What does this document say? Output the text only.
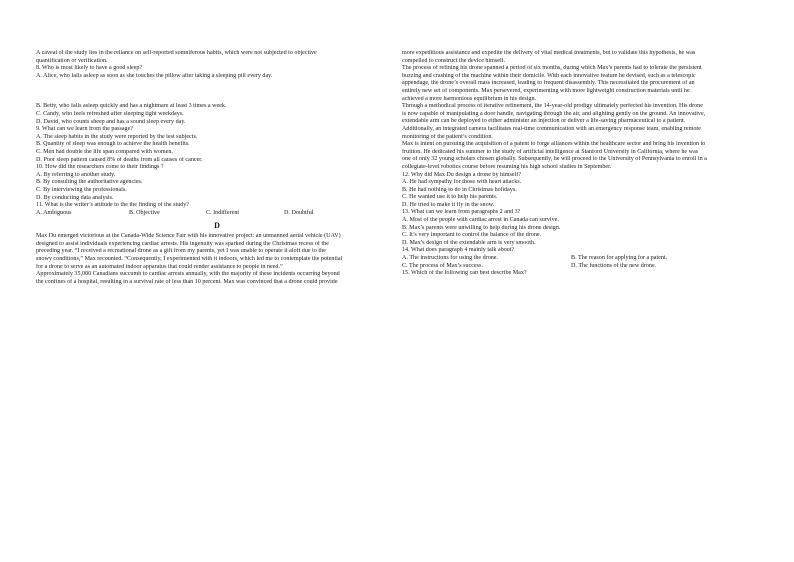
A caveat of the study lies in the reliance on self-reported somniferous habits, which were not subjected to objective

quantification or verification.

8. Who is most likely to have a good sleep?

A. Alice, who falls asleep as soon as she touches the pillow after taking a sleeping pill every day.

B. Betty, who falls asleep quickly and has a nightmare at least 3 times a week.

C. Candy, who feels refreshed after sleeping tight weekdays.

D. David, who counts sheep and has a sound sleep every day.

9. What can we learn from the passage?

A. The sleep habits in the study were reported by the test subjects.

B. Quantity of sleep was enough to achieve the health benefits.

C. Men had double the life span compared with women.

D. Poor sleep pattern caused 8% of deaths from all causes of cancer.

10. How did the researchers come to their findings ?

A. By referring to another study.

B. By consulting the authoritative agencies.

C. By interviewing the professionals.

D. By conducting data analysis.

11. What is the writer’s attitude to the the finding of the study?

A. Ambiguous	B. Objective	C. Indifferent	D. Doubtful
D

Max Du emerged victorious at the Canada-Wide Science Fair with his innovative project: an unmanned aerial vehicle (UAV)

designed to assist individuals experiencing cardiac arrests. His ingenuity was sparked during the Christmas recess of the

preceding year. “I received a recreational drone as a gift from my parents, yet I was unable to operate it aloft due to the

snowy conditions,” Max recounted. “Consequently, I experimented with it indoors, which led me to contemplate the potential

for a drone to serve as an automated indoor apparatus that could render assistance to people in need.”

Approximately 35,000 Canadians succumb to cardiac arrests annually, with the majority of these incidents occurring beyond

the confines of a hospital, resulting in a survival rate of less than 10 percent. Max was convinced that a drone could provide

more expeditious assistance and expedite the delivery of vital medical treatments, but to validate this hypothesis, he was

compelled to construct the device himself.

The process of refining his drone spanned a period of six months, during which Max’s parents had to tolerate the persistent

buzzing and crashing of the machine within their domicile. With each innovative feature he devised, such as a telescopic

appendage, the drone’s overall mass increased, leading to frequent disassembly. This necessitated the procurement of an

entirely new set of components. Max persevered, experimenting with more lightweight construction materials until he

achieved a more harmonious equilibrium in his design.

Through a methodical process of iterative refinement, the 14-year-old prodigy ultimately perfected his invention. His drone

is now capable of manipulating a door handle, navigating through the air, and alighting gently on the ground. An innovative,

extendable arm can be deployed to either administer an injection or deliver a life-saving pharmaceutical to a patient.

Additionally, an integrated camera facilitates real-time communication with an emergency response team, enabling remote

monitoring of the patient’s condition.

Max is intent on pursuing the acquisition of a patent to forge alliances within the healthcare sector and bring his invention to

fruition. He dedicated his summer to the study of artificial intelligence at Stanford University in California, where he was

one of only 32 young scholars chosen globally. Subsequently, he will proceed to the University of Pennsylvania to enroll in a

collegiate-level robotics course before resuming his high school studies in September.

12. Why did Max Du design a drone by himself?

A. He had sympathy for those with heart attacks.

B. He had nothing to do in Christmas holidays.

C. He wanted use it to help his parents.

D. He tried to make it fly in the snow.

13. What can we learn from paragraphs 2 and 3?

A. Most of the people with cardiac arrest in Canada can survive.

B. Max’s parents were unwilling to help during his drone design.

C. It’s very important to control the balance of the drone.

D. Max’s design of the extendable arm is very smooth.

14. What does paragraph 4 mainly talk about?

A. The instructions for using the drone.	B. The reason for applying for a patent.
C. The process of Max’s success.	D. The functions of the new drone.

15. Which of the following can best describe Max?
